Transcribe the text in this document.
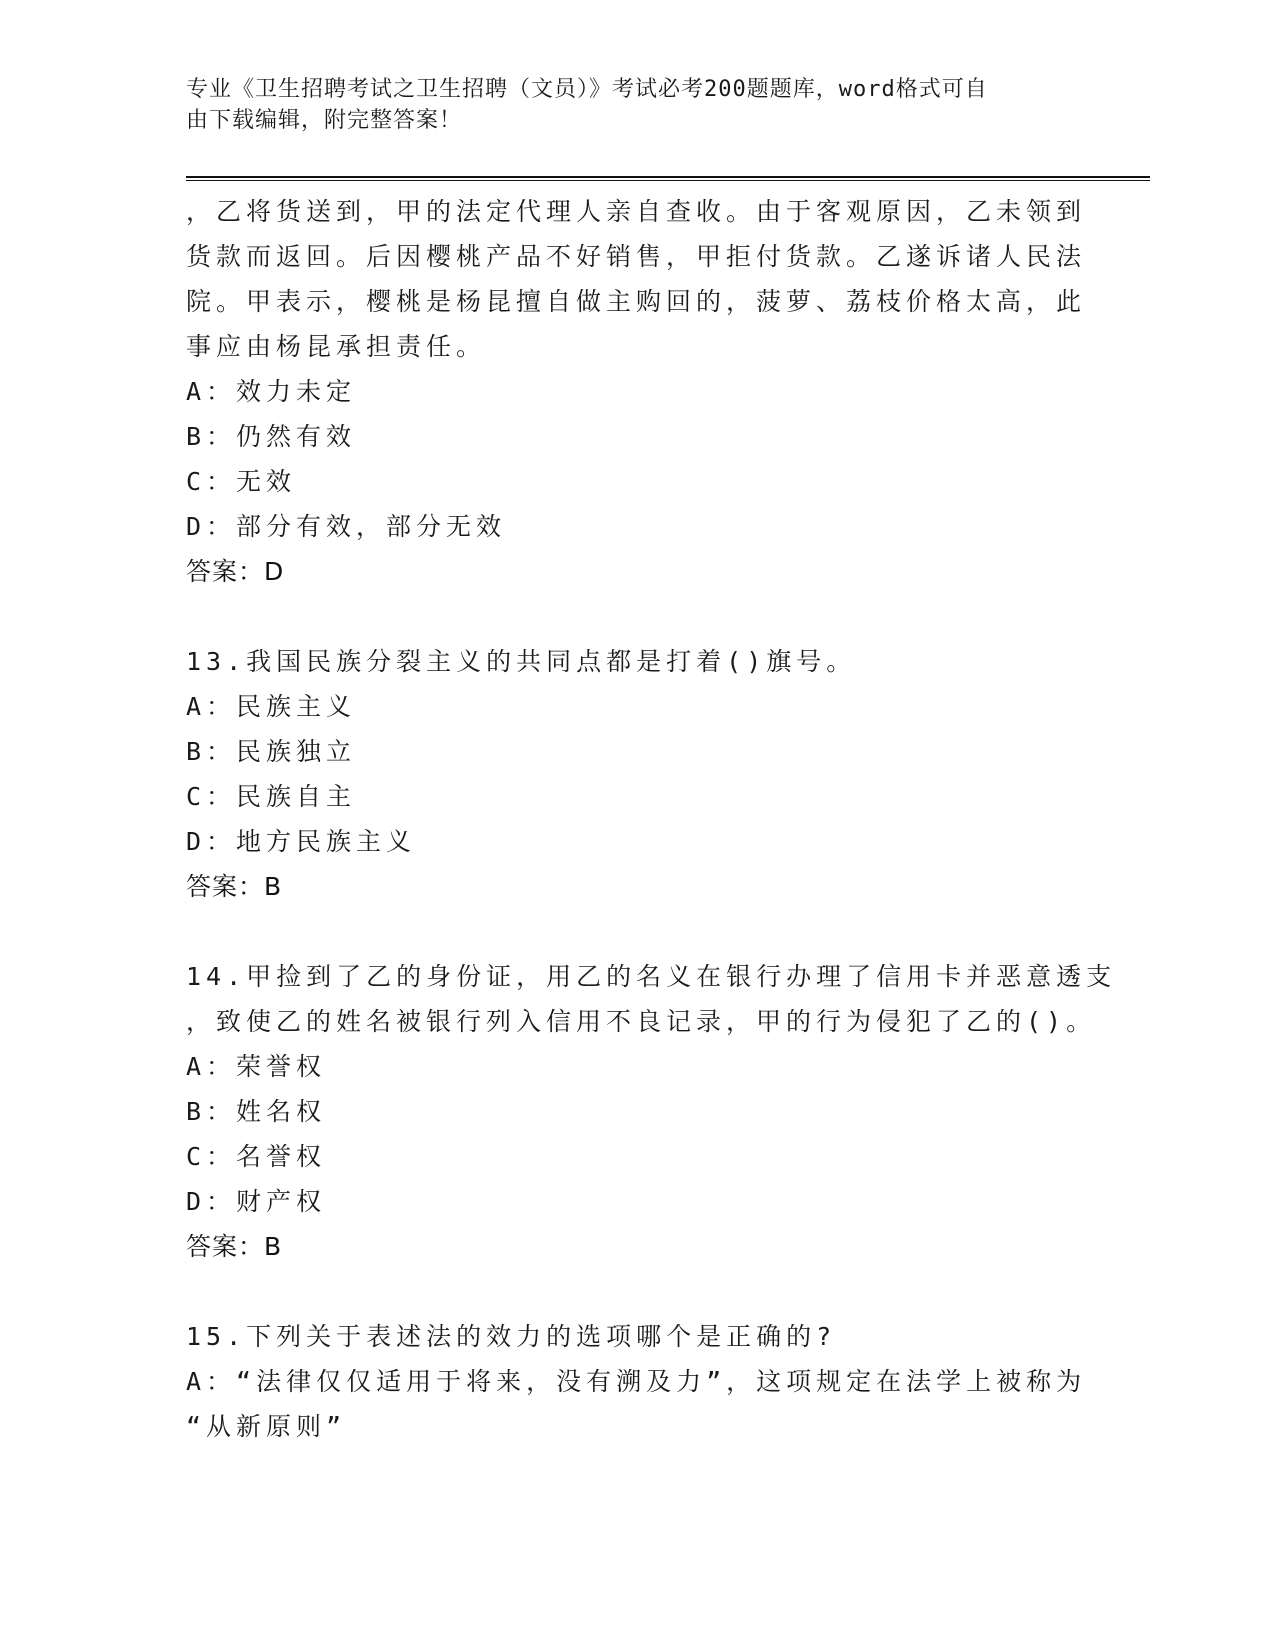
专业《卫生招聘考试之卫生招聘（文员）》考试必考200题题库，word格式可自
由下载编辑，附完整答案！
，乙将货送到，甲的法定代理人亲自查收。由于客观原因，乙未领到
货款而返回。后因樱桃产品不好销售，甲拒付货款。乙遂诉诸人民法
院。甲表示，樱桃是杨昆擅自做主购回的，菠萝、荔枝价格太高，此
事应由杨昆承担责任。
A：效力未定
B：仍然有效
C：无效
D：部分有效，部分无效
答案：D
13.我国民族分裂主义的共同点都是打着()旗号。
A：民族主义
B：民族独立
C：民族自主
D：地方民族主义
答案：B
14.甲捡到了乙的身份证，用乙的名义在银行办理了信用卡并恶意透支
，致使乙的姓名被银行列入信用不良记录，甲的行为侵犯了乙的()。
A：荣誉权
B：姓名权
C：名誉权
D：财产权
答案：B
15.下列关于表述法的效力的选项哪个是正确的?
A：“法律仅仅适用于将来，没有溯及力”，这项规定在法学上被称为
“从新原则”
